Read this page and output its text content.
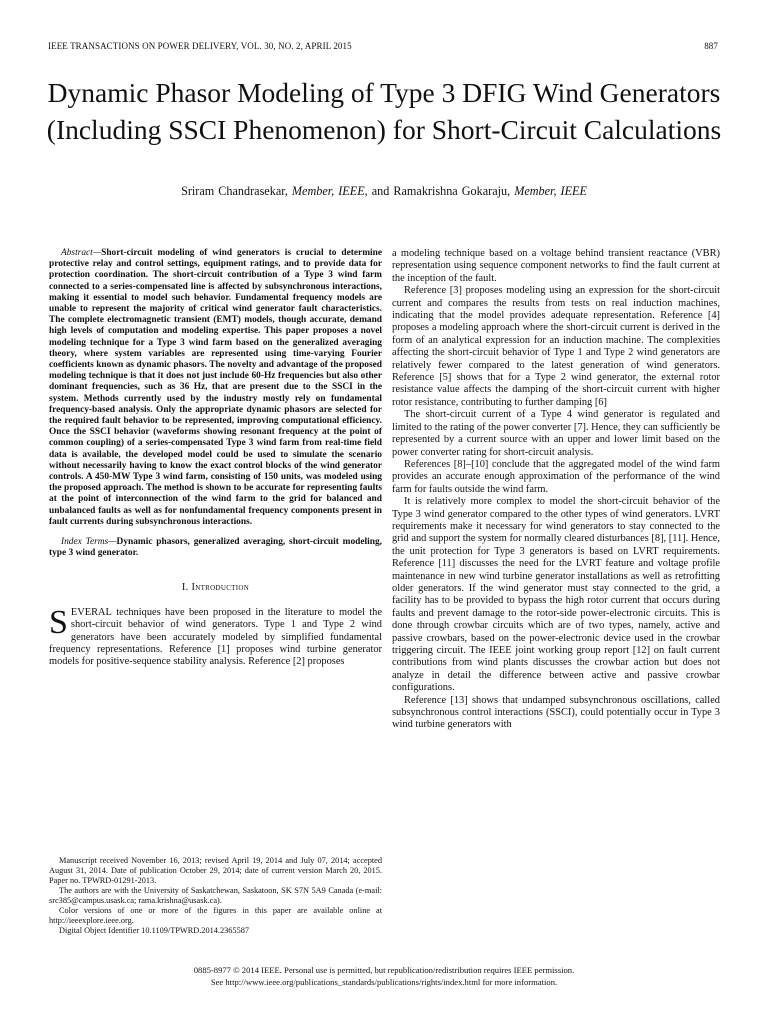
IEEE TRANSACTIONS ON POWER DELIVERY, VOL. 30, NO. 2, APRIL 2015	887
Dynamic Phasor Modeling of Type 3 DFIG Wind Generators (Including SSCI Phenomenon) for Short-Circuit Calculations
Sriram Chandrasekar, Member, IEEE, and Ramakrishna Gokaraju, Member, IEEE

Abstract—Short-circuit modeling of wind generators is crucial to determine protective relay and control settings, equipment ratings, and to provide data for protection coordination. The short-circuit contribution of a Type 3 wind farm connected to a series-compensated line is affected by subsynchronous interactions, making it essential to model such behavior. Fundamental frequency models are unable to represent the majority of critical wind generator fault characteristics. The complete electromagnetic transient (EMT) models, though accurate, demand high levels of computation and modeling expertise. This paper proposes a novel modeling technique for a Type 3 wind farm based on the generalized averaging theory, where system variables are represented using time-varying Fourier coefficients known as dynamic phasors. The novelty and advantage of the proposed modeling technique is that it does not just include 60-Hz frequencies but also other dominant frequencies, such as 36 Hz, that are present due to the SSCI in the system. Methods currently used by the industry mostly rely on fundamental frequency-based analysis. Only the appropriate dynamic phasors are selected for the required fault behavior to be represented, improving computational efficiency. Once the SSCI behavior (waveforms showing resonant frequency at the point of common coupling) of a series-compensated Type 3 wind farm from real-time field data is available, the developed model could be used to simulate the scenario without necessarily having to know the exact control blocks of the wind generator controls. A 450-MW Type 3 wind farm, consisting of 150 units, was modeled using the proposed approach. The method is shown to be accurate for representing faults at the point of interconnection of the wind farm to the grid for balanced and unbalanced faults as well as for nonfundamental frequency components present in fault currents during subsynchronous interactions.

Index Terms—Dynamic phasors, generalized averaging, short-circuit modeling, type 3 wind generator.

I. Introduction

SEVERAL techniques have been proposed in the literature to model the short-circuit behavior of wind generators. Type 1 and Type 2 wind generators have been accurately modeled by simplified fundamental frequency representations. Reference [1] proposes wind turbine generator models for positive-sequence stability analysis. Reference [2] proposes

Manuscript received November 16, 2013; revised April 19, 2014 and July 07, 2014; accepted August 31, 2014. Date of publication October 29, 2014; date of current version March 20, 2015. Paper no. TPWRD-01291-2013.

The authors are with the University of Saskatchewan, Saskatoon, SK S7N 5A9 Canada (e-mail: src385@campus.usask.ca; rama.krishna@usask.ca).

Color versions of one or more of the figures in this paper are available online at http://ieeexplore.ieee.org.

Digital Object Identifier 10.1109/TPWRD.2014.2365587

a modeling technique based on a voltage behind transient reactance (VBR) representation using sequence component networks to find the fault current at the inception of the fault.

Reference [3] proposes modeling using an expression for the short-circuit current and compares the results from tests on real induction machines, indicating that the model provides adequate representation. Reference [4] proposes a modeling approach where the short-circuit current is derived in the form of an analytical expression for an induction machine. The complexities affecting the short-circuit behavior of Type 1 and Type 2 wind generators are relatively fewer compared to the latest generation of wind generators. Reference [5] shows that for a Type 2 wind generator, the external rotor resistance value affects the damping of the short-circuit current with higher rotor resistance, contributing to further damping [6]

The short-circuit current of a Type 4 wind generator is regulated and limited to the rating of the power converter [7]. Hence, they can sufficiently be represented by a current source with an upper and lower limit based on the power converter rating for short-circuit analysis.

References [8]–[10] conclude that the aggregated model of the wind farm provides an accurate enough approximation of the performance of the wind farm for faults outside the wind farm.

It is relatively more complex to model the short-circuit behavior of the Type 3 wind generator compared to the other types of wind generators. LVRT requirements make it necessary for wind generators to stay connected to the grid and support the system for normally cleared disturbances [8], [11]. Hence, the unit protection for Type 3 generators is based on LVRT requirements. Reference [11] discusses the need for the LVRT feature and voltage profile maintenance in new wind turbine generator installations as well as retrofitting older generators. If the wind generator must stay connected to the grid, a facility has to be provided to bypass the high rotor current that occurs during faults and prevent damage to the rotor-side power-electronic circuits. This is done through crowbar circuits which are of two types, namely, active and passive crowbars, based on the power-electronic device used in the crowbar triggering circuit. The IEEE joint working group report [12] on fault current contributions from wind plants discusses the crowbar action but does not analyze in detail the difference between active and passive crowbar configurations.

Reference [13] shows that undamped subsynchronous oscillations, called subsynchronous control interactions (SSCI), could potentially occur in Type 3 wind turbine generators with

0885-8977 © 2014 IEEE. Personal use is permitted, but republication/redistribution requires IEEE permission.
See http://www.ieee.org/publications_standards/publications/rights/index.html for more information.
